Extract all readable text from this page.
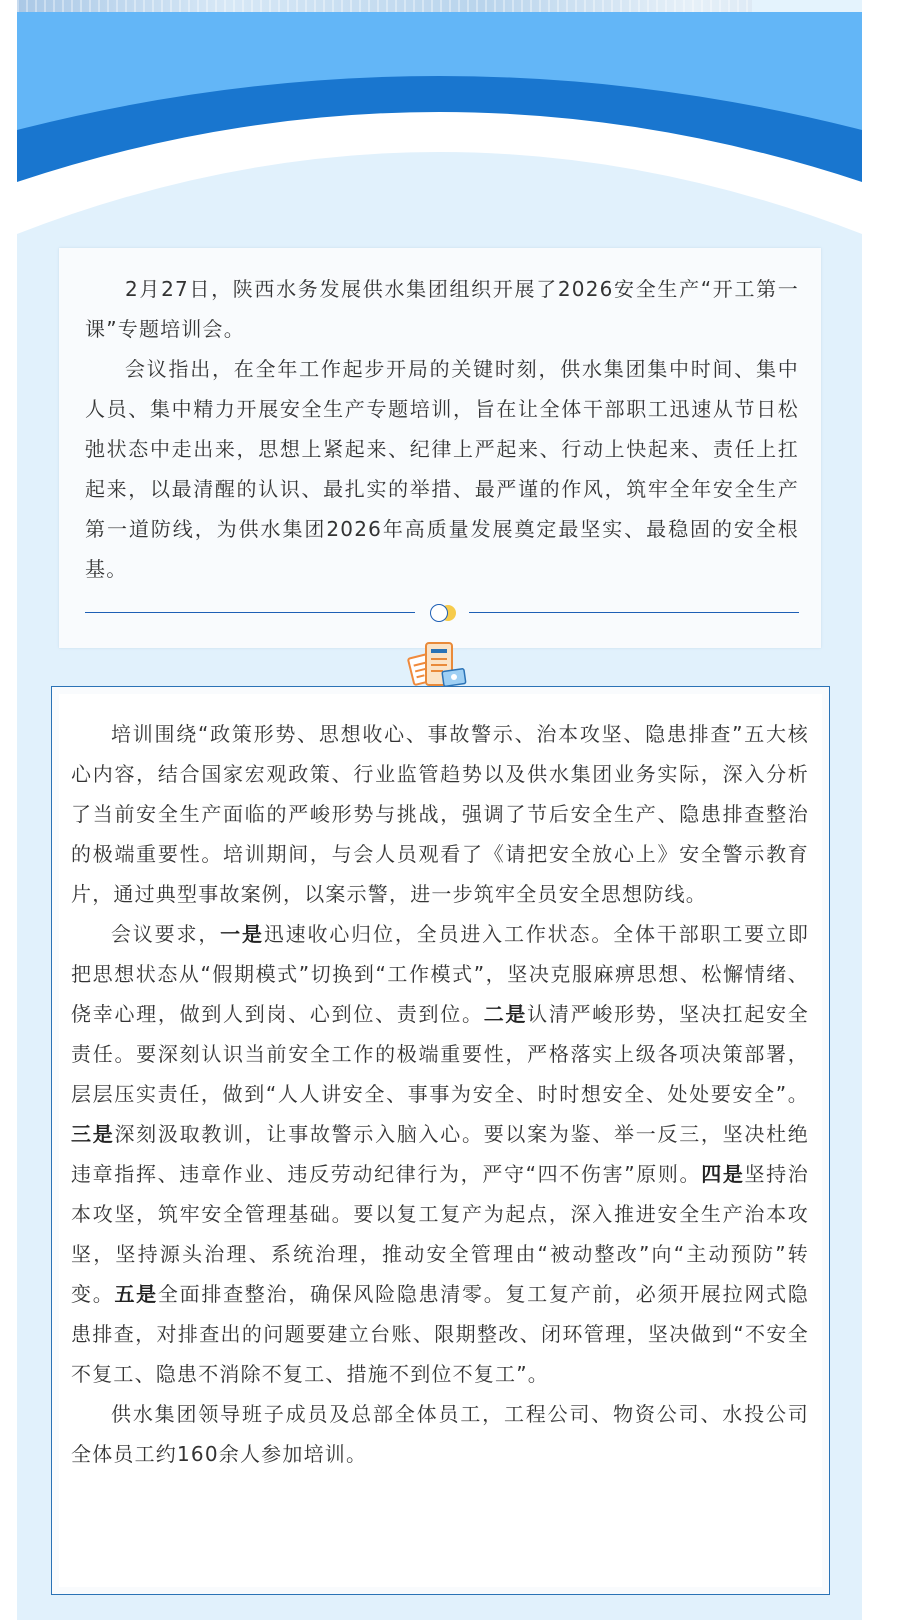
2月27日，陕西水务发展供水集团组织开展了2026安全生产“开工第一课”专题培训会。

会议指出，在全年工作起步开局的关键时刻，供水集团集中时间、集中人员、集中精力开展安全生产专题培训，旨在让全体干部职工迅速从节日松弛状态中走出来，思想上紧起来、纪律上严起来、行动上快起来、责任上扛起来，以最清醒的认识、最扎实的举措、最严谨的作风，筑牢全年安全生产第一道防线，为供水集团2026年高质量发展奠定最坚实、最稳固的安全根基。

培训围绕“政策形势、思想收心、事故警示、治本攻坚、隐患排查”五大核心内容，结合国家宏观政策、行业监管趋势以及供水集团业务实际，深入分析了当前安全生产面临的严峻形势与挑战，强调了节后安全生产、隐患排查整治的极端重要性。培训期间，与会人员观看了《请把安全放心上》安全警示教育片，通过典型事故案例，以案示警，进一步筑牢全员安全思想防线。

会议要求，一是迅速收心归位，全员进入工作状态。全体干部职工要立即把思想状态从“假期模式”切换到“工作模式”，坚决克服麻痹思想、松懈情绪、侥幸心理，做到人到岗、心到位、责到位。二是认清严峻形势，坚决扛起安全责任。要深刻认识当前安全工作的极端重要性，严格落实上级各项决策部署，层层压实责任，做到“人人讲安全、事事为安全、时时想安全、处处要安全”。三是深刻汲取教训，让事故警示入脑入心。要以案为鉴、举一反三，坚决杜绝违章指挥、违章作业、违反劳动纪律行为，严守“四不伤害”原则。四是坚持治本攻坚，筑牢安全管理基础。要以复工复产为起点，深入推进安全生产治本攻坚，坚持源头治理、系统治理，推动安全管理由“被动整改”向“主动预防”转变。五是全面排查整治，确保风险隐患清零。复工复产前，必须开展拉网式隐患排查，对排查出的问题要建立台账、限期整改、闭环管理，坚决做到“不安全不复工、隐患不消除不复工、措施不到位不复工”。

供水集团领导班子成员及总部全体员工，工程公司、物资公司、水投公司全体员工约160余人参加培训。
